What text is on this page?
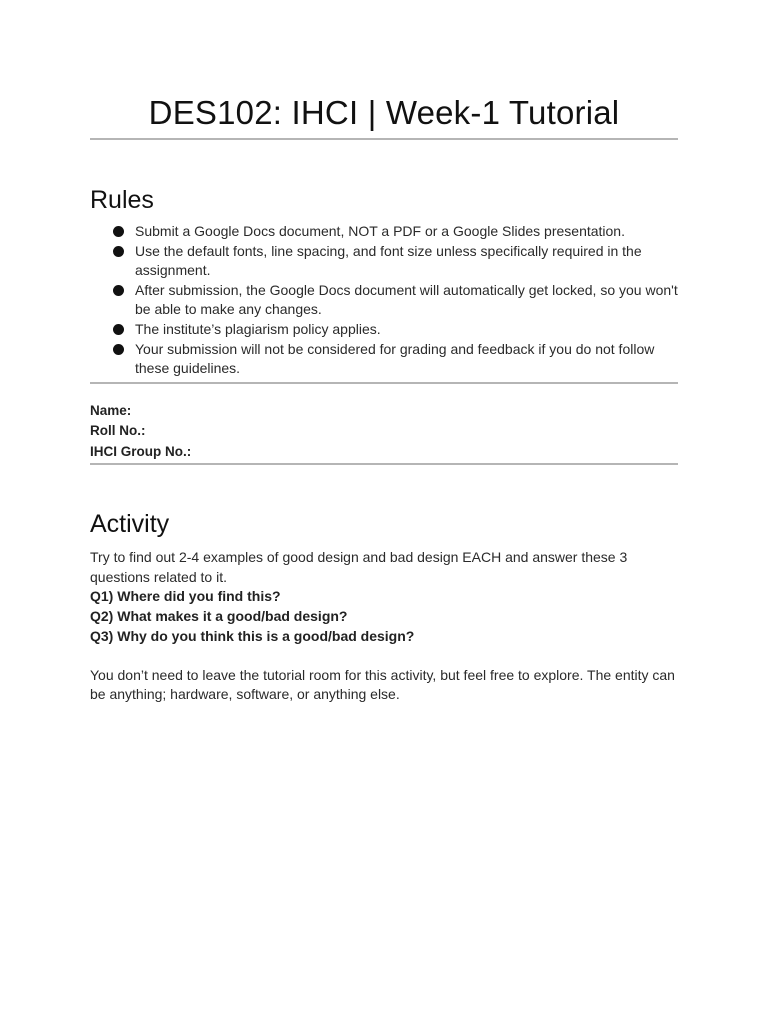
DES102: IHCI | Week-1 Tutorial
Rules
Submit a Google Docs document, NOT a PDF or a Google Slides presentation.
Use the default fonts, line spacing, and font size unless specifically required in the assignment.
After submission, the Google Docs document will automatically get locked, so you won't be able to make any changes.
The institute’s plagiarism policy applies.
Your submission will not be considered for grading and feedback if you do not follow these guidelines.
Name:
Roll No.:
IHCI Group No.:
Activity
Try to find out 2-4 examples of good design and bad design EACH and answer these 3 questions related to it.
Q1) Where did you find this?
Q2) What makes it a good/bad design?
Q3) Why do you think this is a good/bad design?
You don’t need to leave the tutorial room for this activity, but feel free to explore. The entity can be anything; hardware, software, or anything else.
